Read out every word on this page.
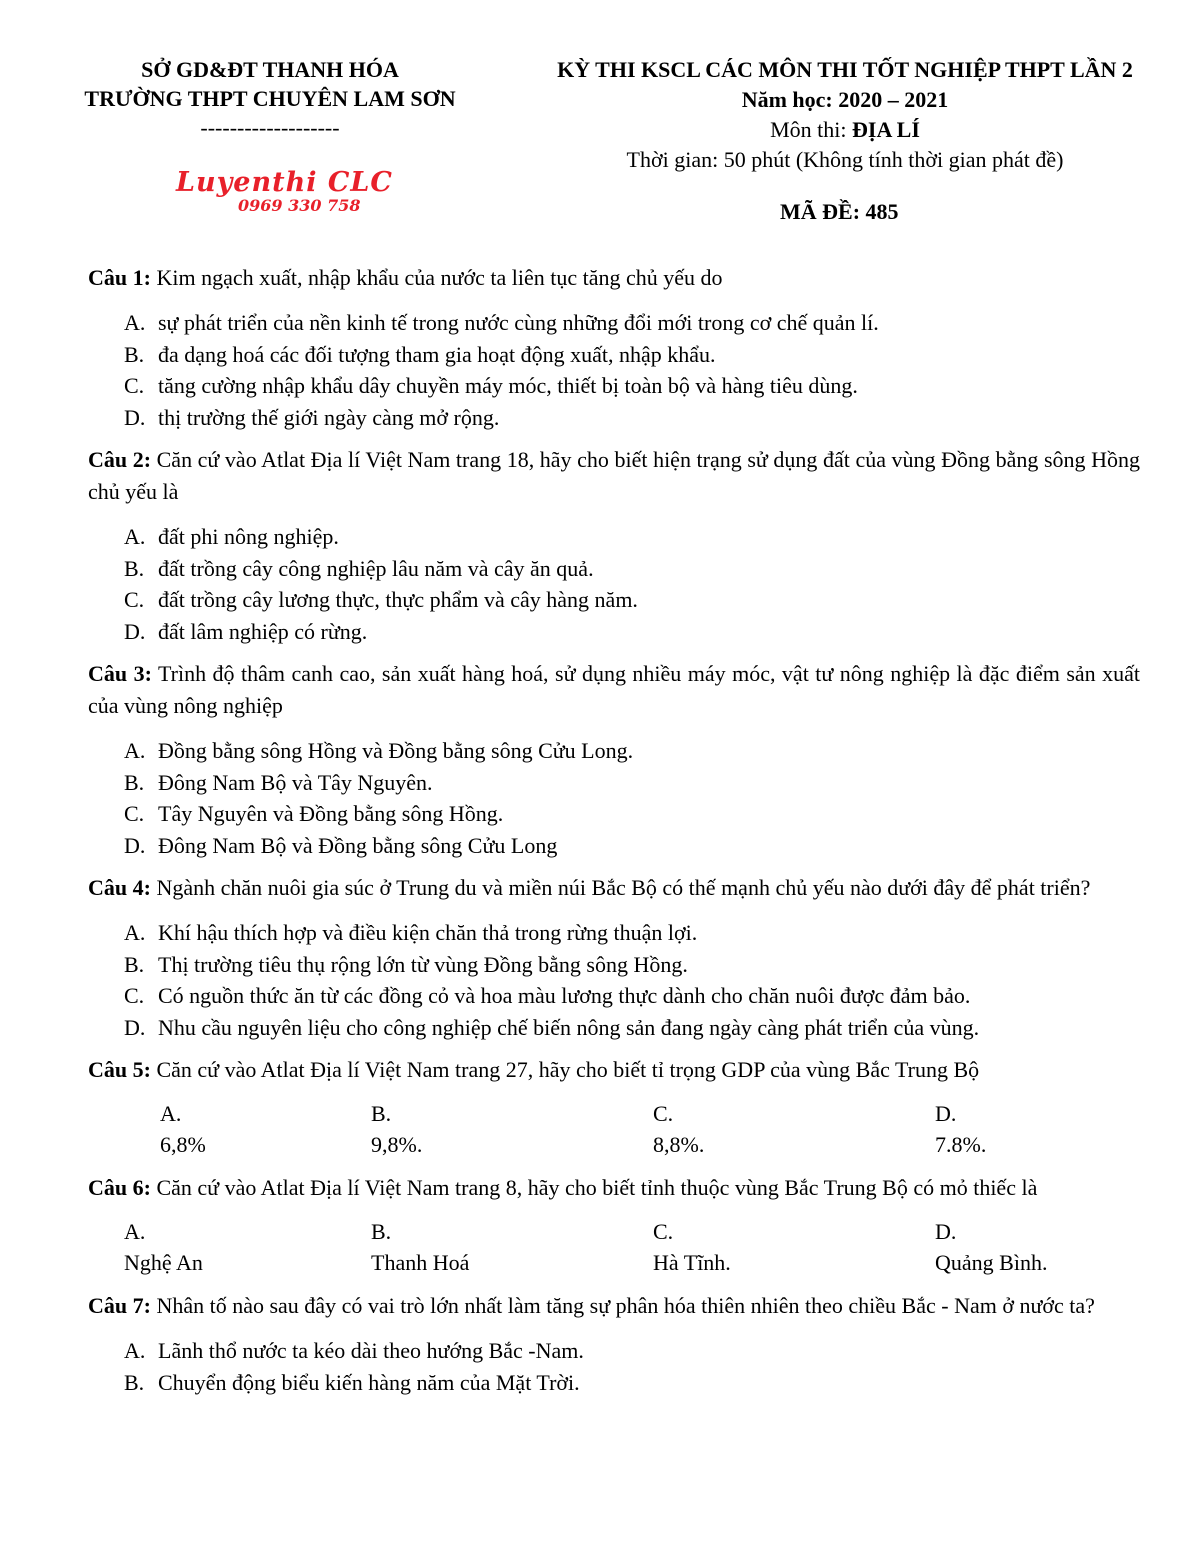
SỞ GD&ĐT THANH HÓA
TRƯỜNG THPT CHUYÊN LAM SƠN
-------------------
KỲ THI KSCL CÁC MÔN THI TỐT NGHIỆP THPT LẦN 2
Năm học: 2020 – 2021
Môn thi: ĐỊA LÍ
Thời gian: 50 phút (Không tính thời gian phát đề)
Luyenthi CLC
0969 330 758	MÃ ĐỀ: 485
Câu 1: Kim ngạch xuất, nhập khẩu của nước ta liên tục tăng chủ yếu do
A. sự phát triển của nền kinh tế trong nước cùng những đổi mới trong cơ chế quản lí.
B. đa dạng hoá các đối tượng tham gia hoạt động xuất, nhập khẩu.
C. tăng cường nhập khẩu dây chuyền máy móc, thiết bị toàn bộ và hàng tiêu dùng.
D. thị trường thế giới ngày càng mở rộng.
Câu 2: Căn cứ vào Atlat Địa lí Việt Nam trang 18, hãy cho biết hiện trạng sử dụng đất của vùng Đồng bằng sông Hồng chủ yếu là
A. đất phi nông nghiệp.
B. đất trồng cây công nghiệp lâu năm và cây ăn quả.
C. đất trồng cây lương thực, thực phẩm và cây hàng năm.
D. đất lâm nghiệp có rừng.
Câu 3: Trình độ thâm canh cao, sản xuất hàng hoá, sử dụng nhiều máy móc, vật tư nông nghiệp là đặc điểm sản xuất của vùng nông nghiệp
A. Đồng bằng sông Hồng và Đồng bằng sông Cửu Long.
B. Đông Nam Bộ và Tây Nguyên.
C. Tây Nguyên và Đồng bằng sông Hồng.
D. Đông Nam Bộ và Đồng bằng sông Cửu Long
Câu 4: Ngành chăn nuôi gia súc ở Trung du và miền núi Bắc Bộ có thế mạnh chủ yếu nào dưới đây để phát triển?
A. Khí hậu thích hợp và điều kiện chăn thả trong rừng thuận lợi.
B. Thị trường tiêu thụ rộng lớn từ vùng Đồng bằng sông Hồng.
C. Có nguồn thức ăn từ các đồng cỏ và hoa màu lương thực dành cho chăn nuôi được đảm bảo.
D. Nhu cầu nguyên liệu cho công nghiệp chế biến nông sản đang ngày càng phát triển của vùng.
Câu 5: Căn cứ vào Atlat Địa lí Việt Nam trang 27, hãy cho biết tỉ trọng GDP của vùng Bắc Trung Bộ
A.
6,8%
B.
9,8%.
C.
8,8%.
D.
7.8%.
Câu 6: Căn cứ vào Atlat Địa lí Việt Nam trang 8, hãy cho biết tỉnh thuộc vùng Bắc Trung Bộ có mỏ thiếc là
A.
Nghệ An
B.
Thanh Hoá
C.
Hà Tĩnh.
D.
Quảng Bình.
Câu 7: Nhân tố nào sau đây có vai trò lớn nhất làm tăng sự phân hóa thiên nhiên theo chiều Bắc - Nam ở nước ta?
A. Lãnh thổ nước ta kéo dài theo hướng Bắc -Nam.
B. Chuyển động biểu kiến hàng năm của Mặt Trời.
